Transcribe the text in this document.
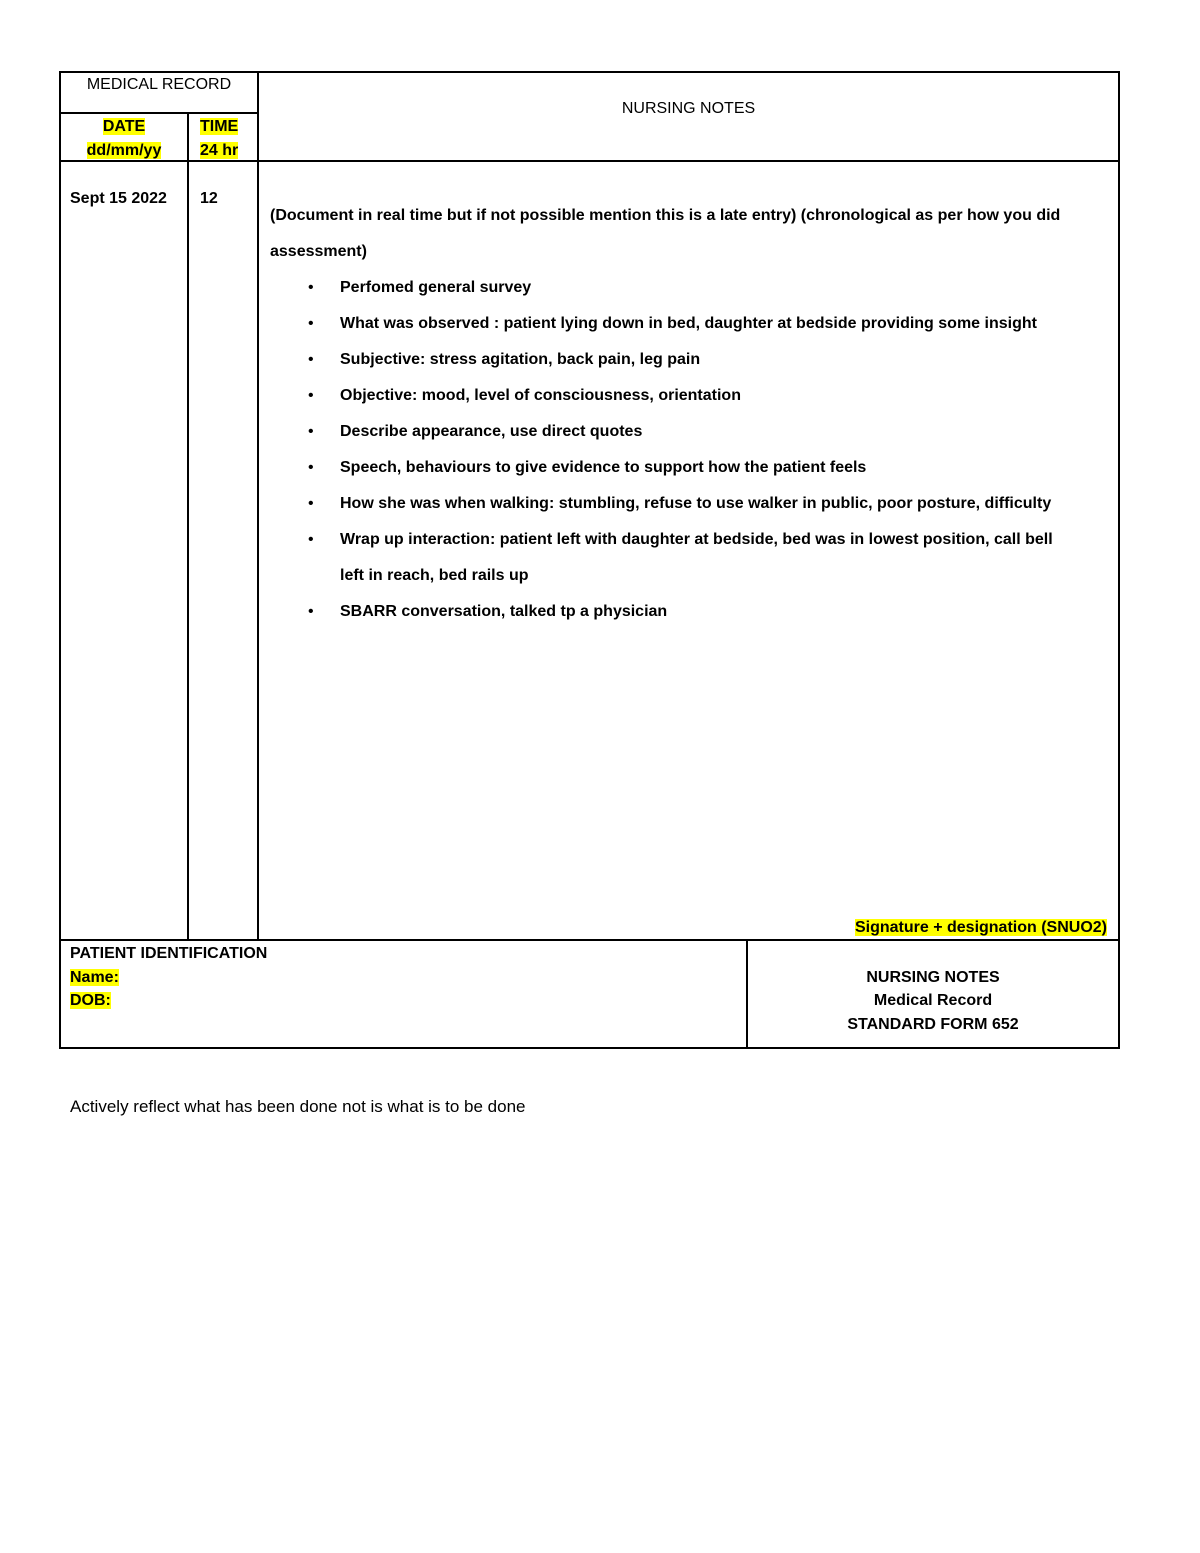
MEDICAL RECORD
NURSING NOTES
DATE
dd/mm/yy
TIME
24 hr
Sept 15 2022 12

(Document in real time but if not possible mention this is a late entry) (chronological as per how you did

assessment)

• Perfomed general survey
• What was observed : patient lying down in bed, daughter at bedside providing some insight
• Subjective: stress agitation, back pain, leg pain
• Objective: mood, level of consciousness, orientation
• Describe appearance, use direct quotes
• Speech, behaviours to give evidence to support how the patient feels
• How she was when walking: stumbling, refuse to use walker in public, poor posture, difficulty
• Wrap up interaction: patient left with daughter at bedside, bed was in lowest position, call bell
left in reach, bed rails up
• SBARR conversation, talked tp a physician
Signature + designation (SNUO2)
PATIENT IDENTIFICATION
Name:
DOB:
NURSING NOTES
Medical Record
STANDARD FORM 652
Actively reflect what has been done not is what is to be done
